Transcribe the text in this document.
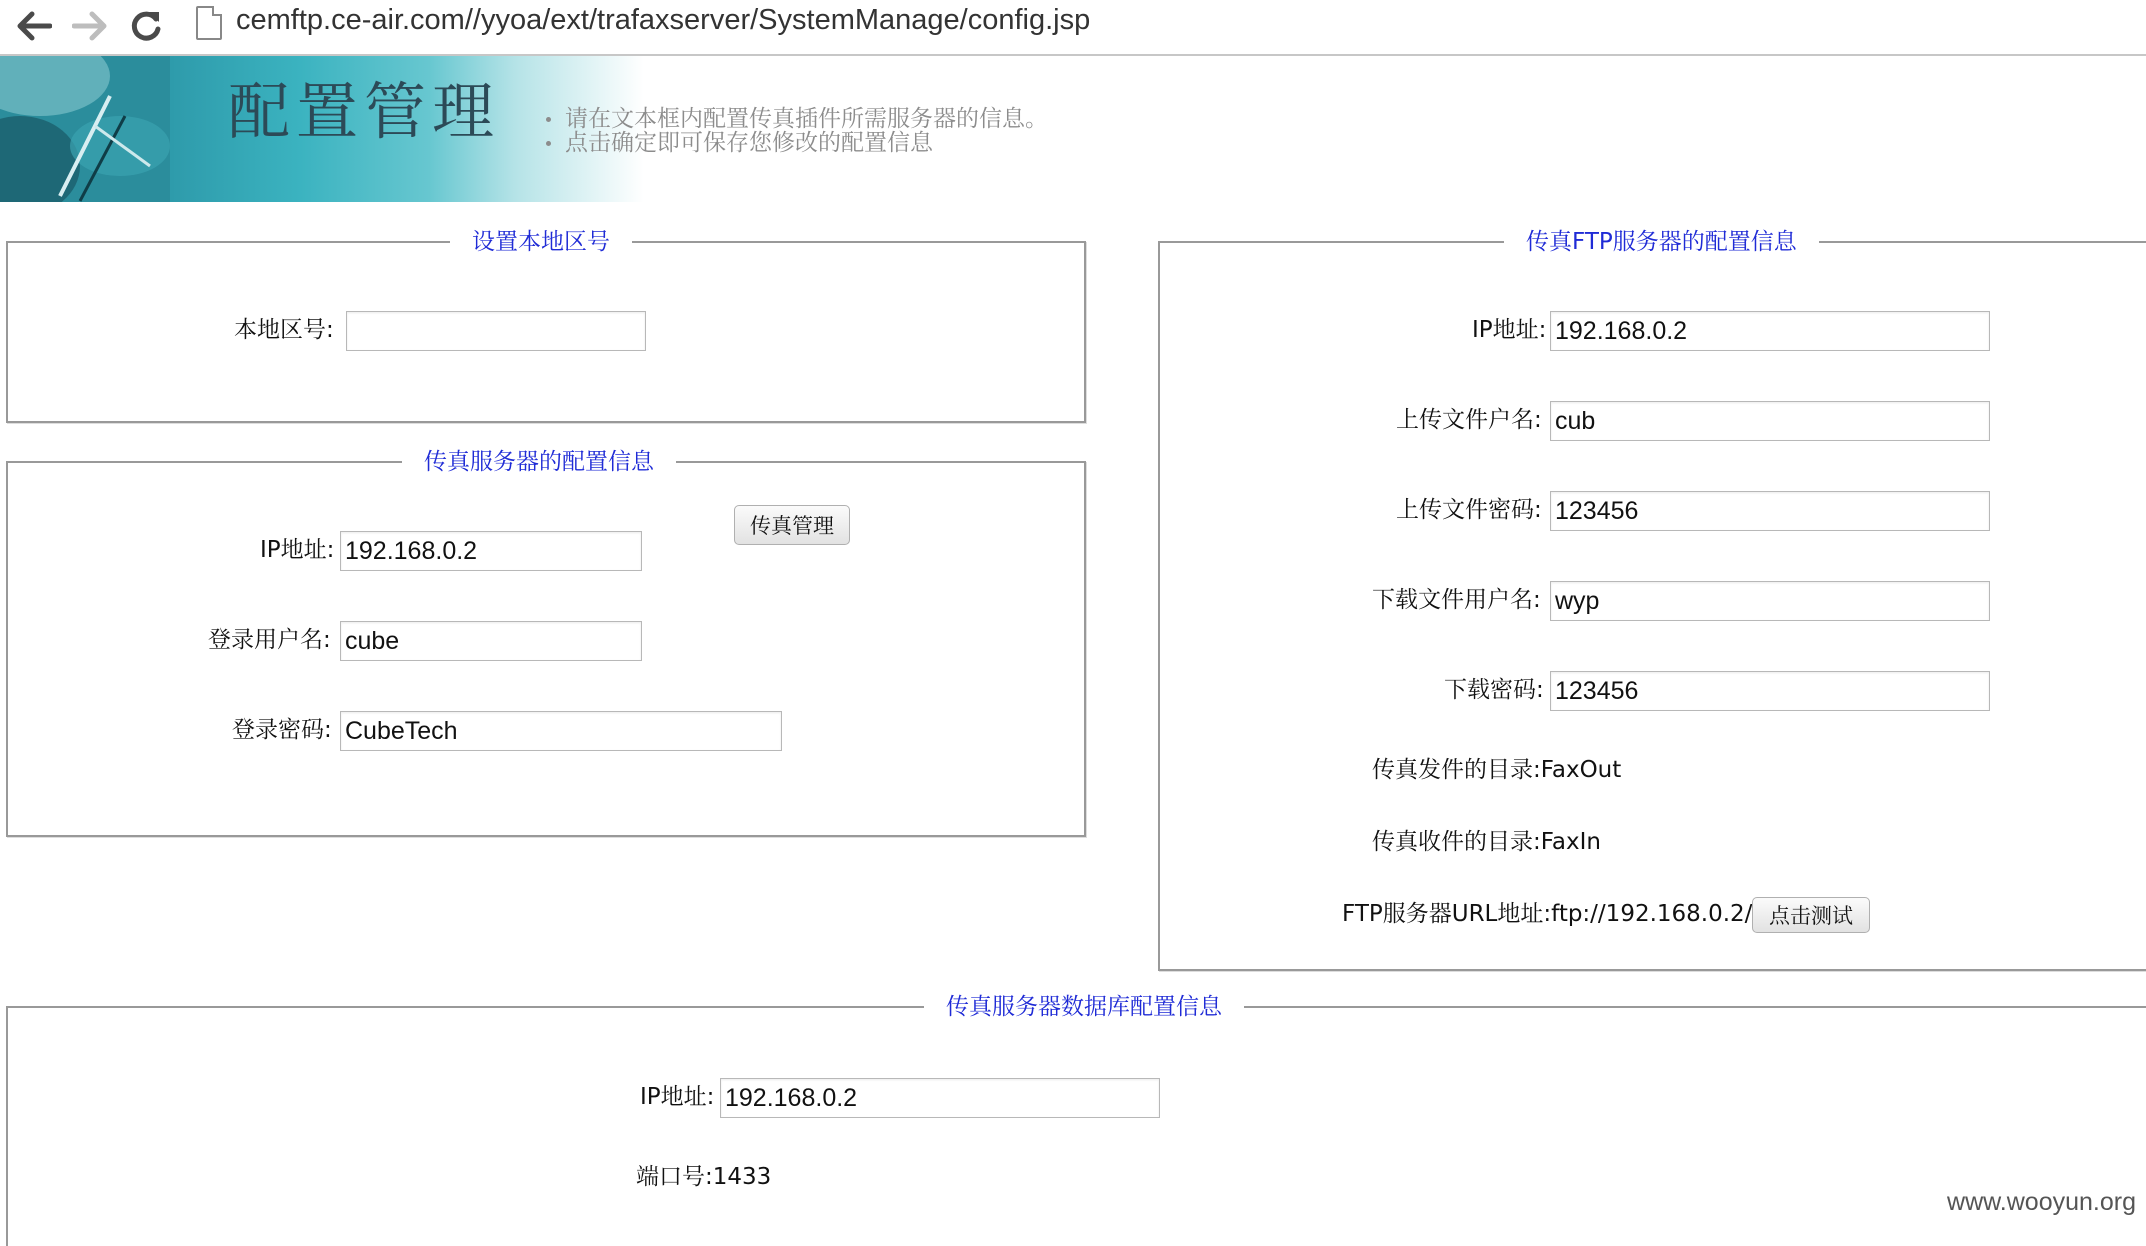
cemftp.ce-air.com//yyoa/ext/trafaxserver/SystemManage/config.jsp
配置管理	请在文本框内配置传真插件所需服务器的信息。
点击确定即可保存您修改的配置信息
设置本地区号
本地区号:
传真服务器的配置信息
IP地址: 192.168.0.2
传真管理
登录用户名: cube
登录密码: CubeTech
传真FTP服务器的配置信息
IP地址: 192.168.0.2
上传文件户名: cub
上传文件密码: 123456
下载文件用户名: wyp
下载密码: 123456
传真发件的目录:FaxOut
传真收件的目录:FaxIn
FTP服务器URL地址:ftp://192.168.0.2/ 点击测试
传真服务器数据库配置信息
IP地址: 192.168.0.2
端口号:1433
www.wooyun.org
